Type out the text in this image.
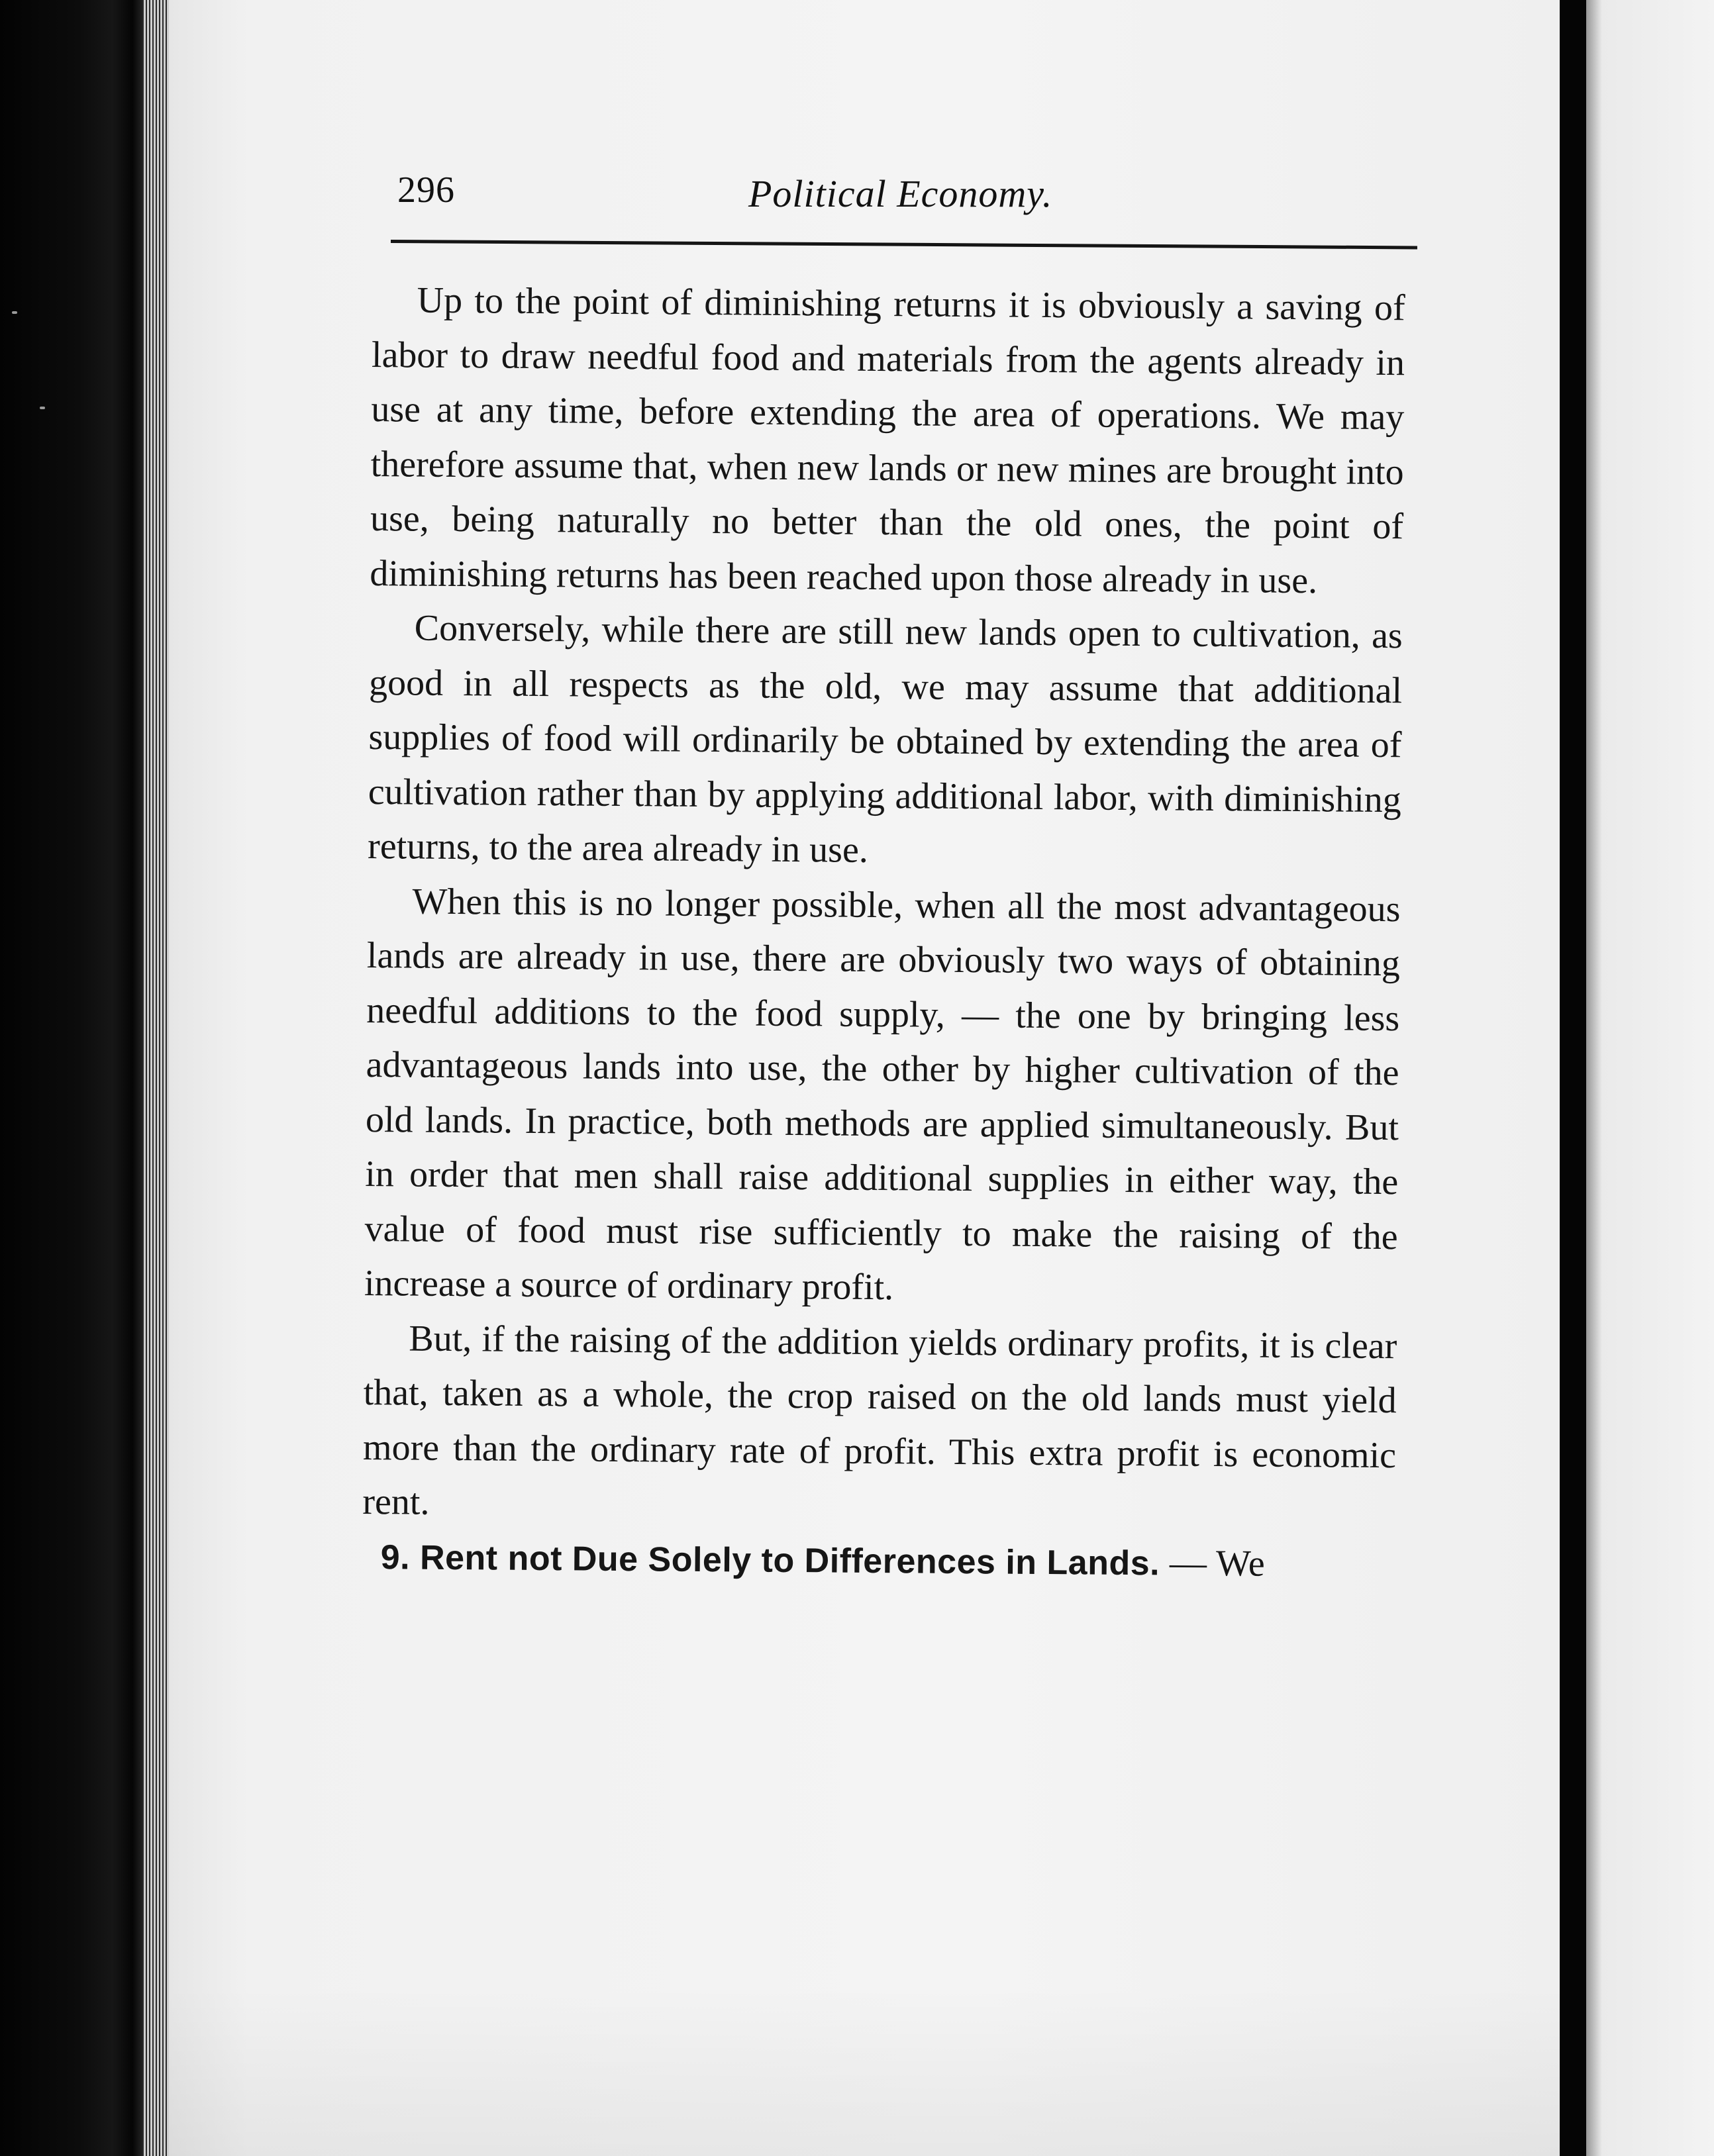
296	Political Economy.

Up to the point of diminishing returns it is obviously a saving of labor to draw needful food and materials from the agents already in use at any time, before extending the area of operations. We may therefore assume that, when new lands or new mines are brought into use, being naturally no better than the old ones, the point of diminishing returns has been reached upon those already in use.

Conversely, while there are still new lands open to cultivation, as good in all respects as the old, we may assume that additional supplies of food will ordinarily be obtained by extending the area of cultivation rather than by applying additional labor, with diminishing returns, to the area already in use.

When this is no longer possible, when all the most advantageous lands are already in use, there are obviously two ways of obtaining needful additions to the food supply, — the one by bringing less advantageous lands into use, the other by higher cultivation of the old lands. In practice, both methods are applied simultaneously. But in order that men shall raise additional supplies in either way, the value of food must rise sufficiently to make the raising of the increase a source of ordinary profit.

But, if the raising of the addition yields ordinary profits, it is clear that, taken as a whole, the crop raised on the old lands must yield more than the ordinary rate of profit. This extra profit is economic rent.

9. Rent not Due Solely to Differences in Lands. — We
